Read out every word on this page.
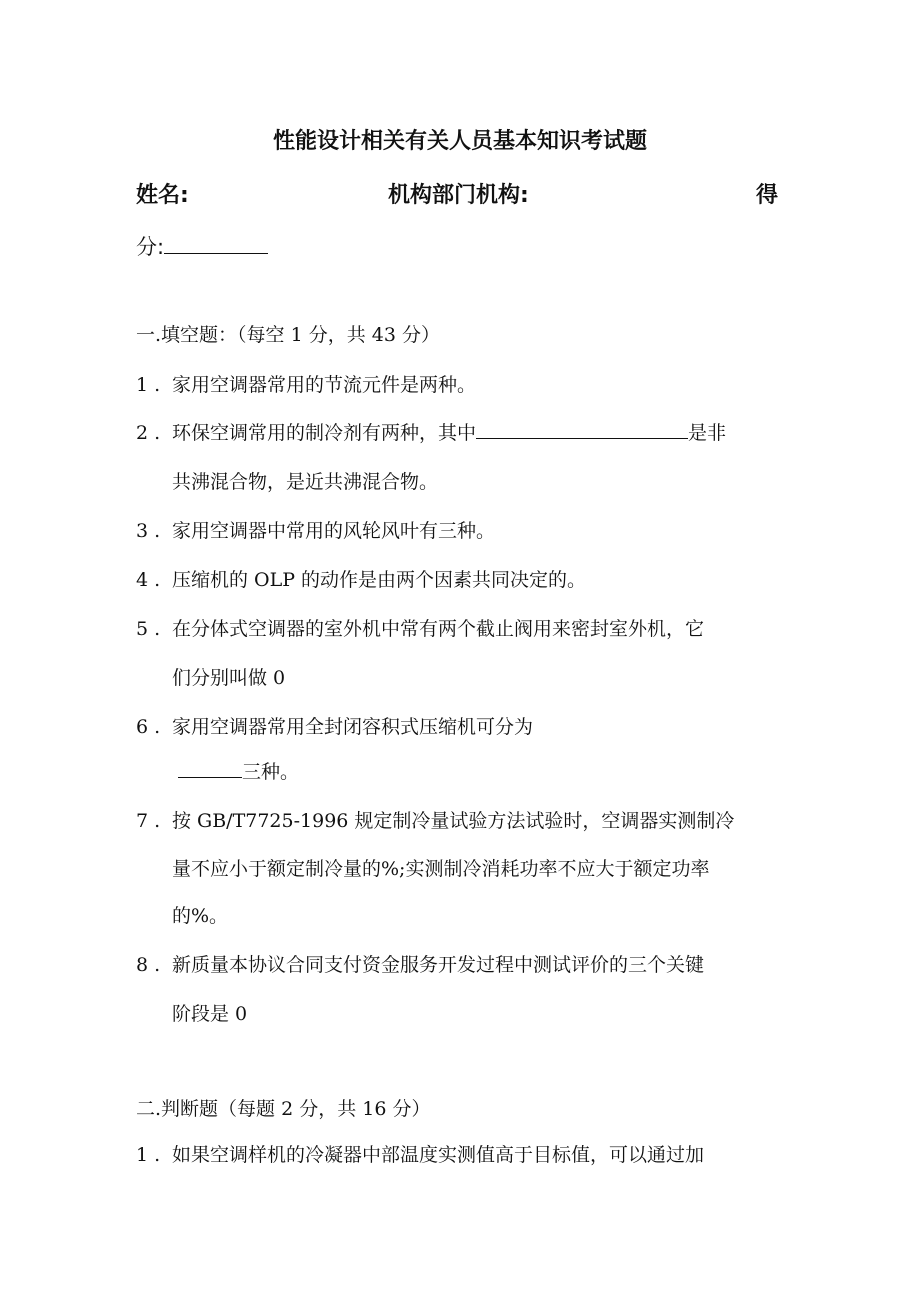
性能设计相关有关人员基本知识考试题
姓名:	机构部门机构:	得
分:
一.填空题：（每空 1 分，共 43 分）
1 . 家用空调器常用的节流元件是两种。
2 . 环保空调常用的制冷剂有两种，其中	是非
共沸混合物，是近共沸混合物。
3 . 家用空调器中常用的风轮风叶有三种。
4 . 压缩机的 OLP 的动作是由两个因素共同决定的。
5 . 在分体式空调器的室外机中常有两个截止阀用来密封室外机，它
们分别叫做 0
6 . 家用空调器常用全封闭容积式压缩机可分为
三种。
7 . 按 GB/T7725-1996 规定制冷量试验方法试验时，空调器实测制冷
量不应小于额定制冷量的%;实测制冷消耗功率不应大于额定功率
的%。
8 . 新质量本协议合同支付资金服务开发过程中测试评价的三个关键
阶段是 0
二.判断题（每题 2 分，共 16 分）
1 . 如果空调样机的冷凝器中部温度实测值高于目标值，可以通过加
